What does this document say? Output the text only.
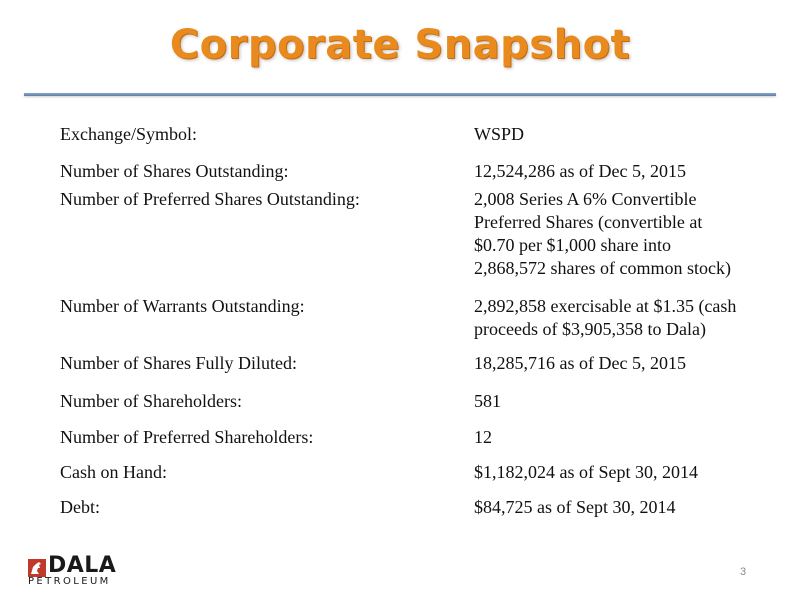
Corporate Snapshot
Exchange/Symbol:	WSPD
Number of Shares Outstanding:	12,524,286 as of Dec 5, 2015
Number of Preferred Shares Outstanding:	2,008 Series A 6% Convertible
Preferred Shares (convertible at
$0.70 per $1,000 share into
2,868,572 shares of common stock)
Number of Warrants Outstanding:	2,892,858 exercisable at $1.35 (cash
proceeds of $3,905,358 to Dala)
Number of Shares Fully Diluted:	18,285,716 as of Dec 5, 2015
Number of Shareholders:	581
Number of Preferred Shareholders:	12
Cash on Hand:	$1,182,024 as of Sept 30, 2014
Debt:	$84,725 as of Sept 30, 2014
DALA
PETROLEUM
3
